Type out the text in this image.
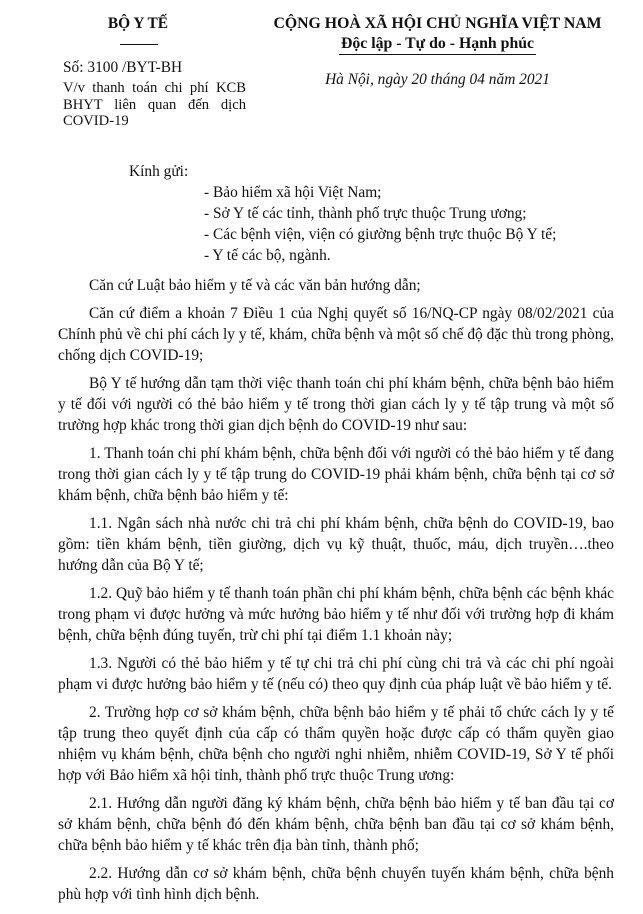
BỘ Y TẾ
Số: 3100 /BYT-BH
V/v thanh toán chi phí KCB BHYT liên quan đến dịch COVID-19
CỘNG HOÀ XÃ HỘI CHỦ NGHĨA VIỆT NAM
Độc lập - Tự do - Hạnh phúc
Hà Nội, ngày 20 tháng 04 năm 2021
Kính gửi:
- Bảo hiểm xã hội Việt Nam;
- Sở Y tế các tỉnh, thành phố trực thuộc Trung ương;
- Các bệnh viện, viện có giường bệnh trực thuộc Bộ Y tế;
- Y tế các bộ, ngành.

Căn cứ Luật bảo hiểm y tế và các văn bản hướng dẫn;

Căn cứ điểm a khoản 7 Điều 1 của Nghị quyết số 16/NQ-CP ngày 08/02/2021 của Chính phủ về chi phí cách ly y tế, khám, chữa bệnh và một số chế độ đặc thù trong phòng, chống dịch COVID-19;

Bộ Y tế hướng dẫn tạm thời việc thanh toán chi phí khám bệnh, chữa bệnh bảo hiểm y tế đối với người có thẻ bảo hiểm y tế trong thời gian cách ly y tế tập trung và một số trường hợp khác trong thời gian dịch bệnh do COVID-19 như sau:

1. Thanh toán chi phí khám bệnh, chữa bệnh đối với người có thẻ bảo hiểm y tế đang trong thời gian cách ly y tế tập trung do COVID-19 phải khám bệnh, chữa bệnh tại cơ sở khám bệnh, chữa bệnh bảo hiểm y tế:

1.1. Ngân sách nhà nước chi trả chi phí khám bệnh, chữa bệnh do COVID-19, bao gồm: tiền khám bệnh, tiền giường, dịch vụ kỹ thuật, thuốc, máu, dịch truyền….theo hướng dẫn của Bộ Y tế;

1.2. Quỹ bảo hiểm y tế thanh toán phần chi phí khám bệnh, chữa bệnh các bệnh khác trong phạm vi được hưởng và mức hưởng bảo hiểm y tế như đối với trường hợp đi khám bệnh, chữa bệnh đúng tuyến, trừ chi phí tại điểm 1.1 khoản này;

1.3. Người có thẻ bảo hiểm y tế tự chi trả chi phí cùng chi trả và các chi phí ngoài phạm vi được hưởng bảo hiểm y tế (nếu có) theo quy định của pháp luật về bảo hiểm y tế.

2. Trường hợp cơ sở khám bệnh, chữa bệnh bảo hiểm y tế phải tổ chức cách ly y tế tập trung theo quyết định của cấp có thẩm quyền hoặc được cấp có thẩm quyền giao nhiệm vụ khám bệnh, chữa bệnh cho người nghi nhiễm, nhiễm COVID-19, Sở Y tế phối hợp với Bảo hiểm xã hội tỉnh, thành phố trực thuộc Trung ương:

2.1. Hướng dẫn người đăng ký khám bệnh, chữa bệnh bảo hiểm y tế ban đầu tại cơ sở khám bệnh, chữa bệnh đó đến khám bệnh, chữa bệnh ban đầu tại cơ sở khám bệnh, chữa bệnh bảo hiểm y tế khác trên địa bàn tỉnh, thành phố;

2.2. Hướng dẫn cơ sở khám bệnh, chữa bệnh chuyển tuyến khám bệnh, chữa bệnh phù hợp với tình hình dịch bệnh.
